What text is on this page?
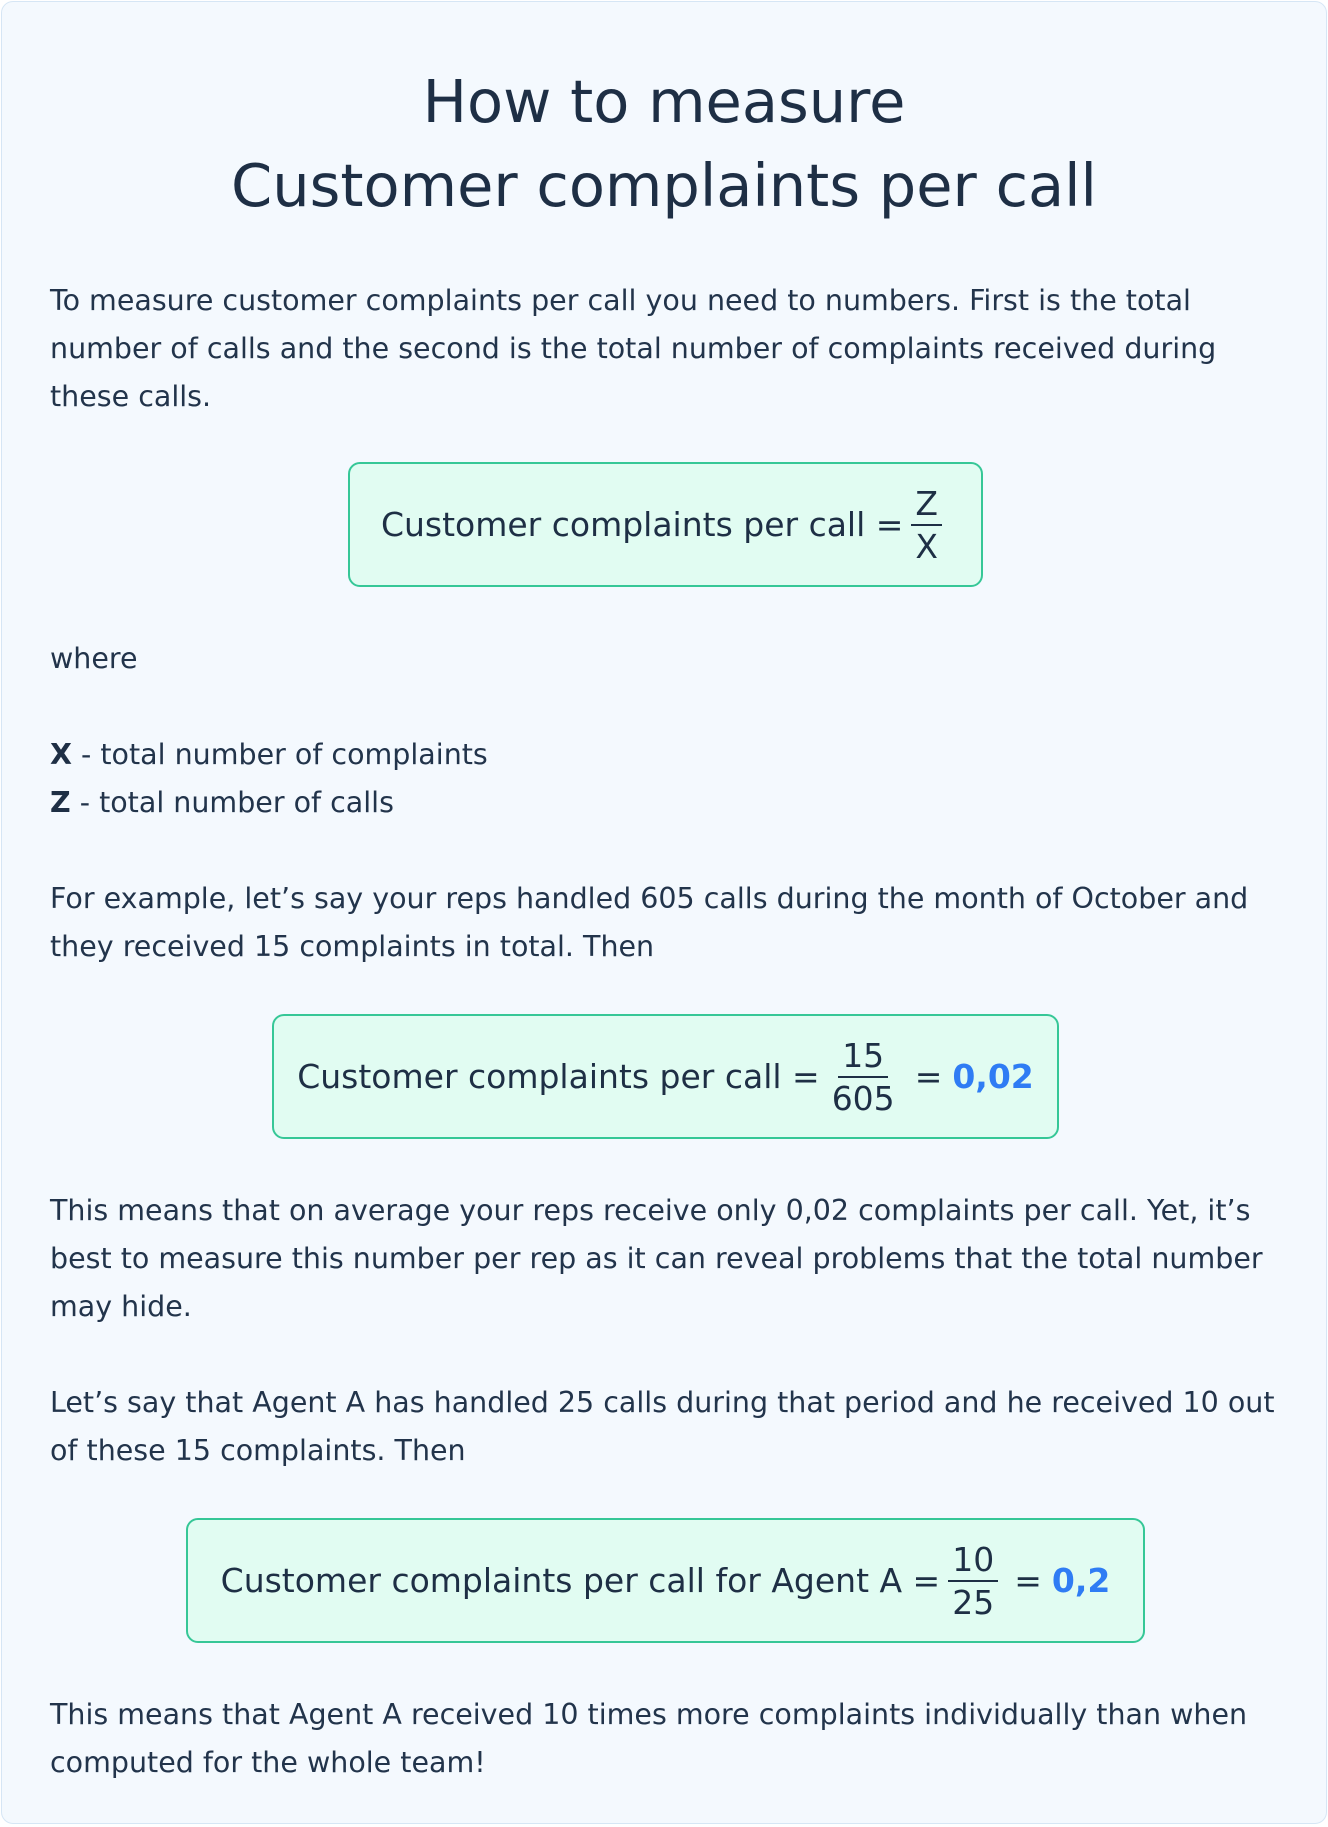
How to measure
Customer complaints per call

To measure customer complaints per call you need to numbers. First is the total number of calls and the second is the total number of complaints received during these calls.

Customer complaints per call = $\frac{Z}{X}$

where

X - total number of complaints

Z - total number of calls

For example, let’s say your reps handled 605 calls during the month of October and they received 15 complaints in total. Then

Customer complaints per call = $\frac{15}{605} = 0,02$

This means that on average your reps receive only 0,02 complaints per call. Yet, it’s best to measure this number per rep as it can reveal problems that the total number may hide.

Let’s say that Agent A has handled 25 calls during that period and he received 10 out of these 15 complaints. Then

Customer complaints per call for Agent $A = \frac{10}{25} = 0,2$

This means that Agent A received 10 times more complaints individually than when computed for the whole team!
